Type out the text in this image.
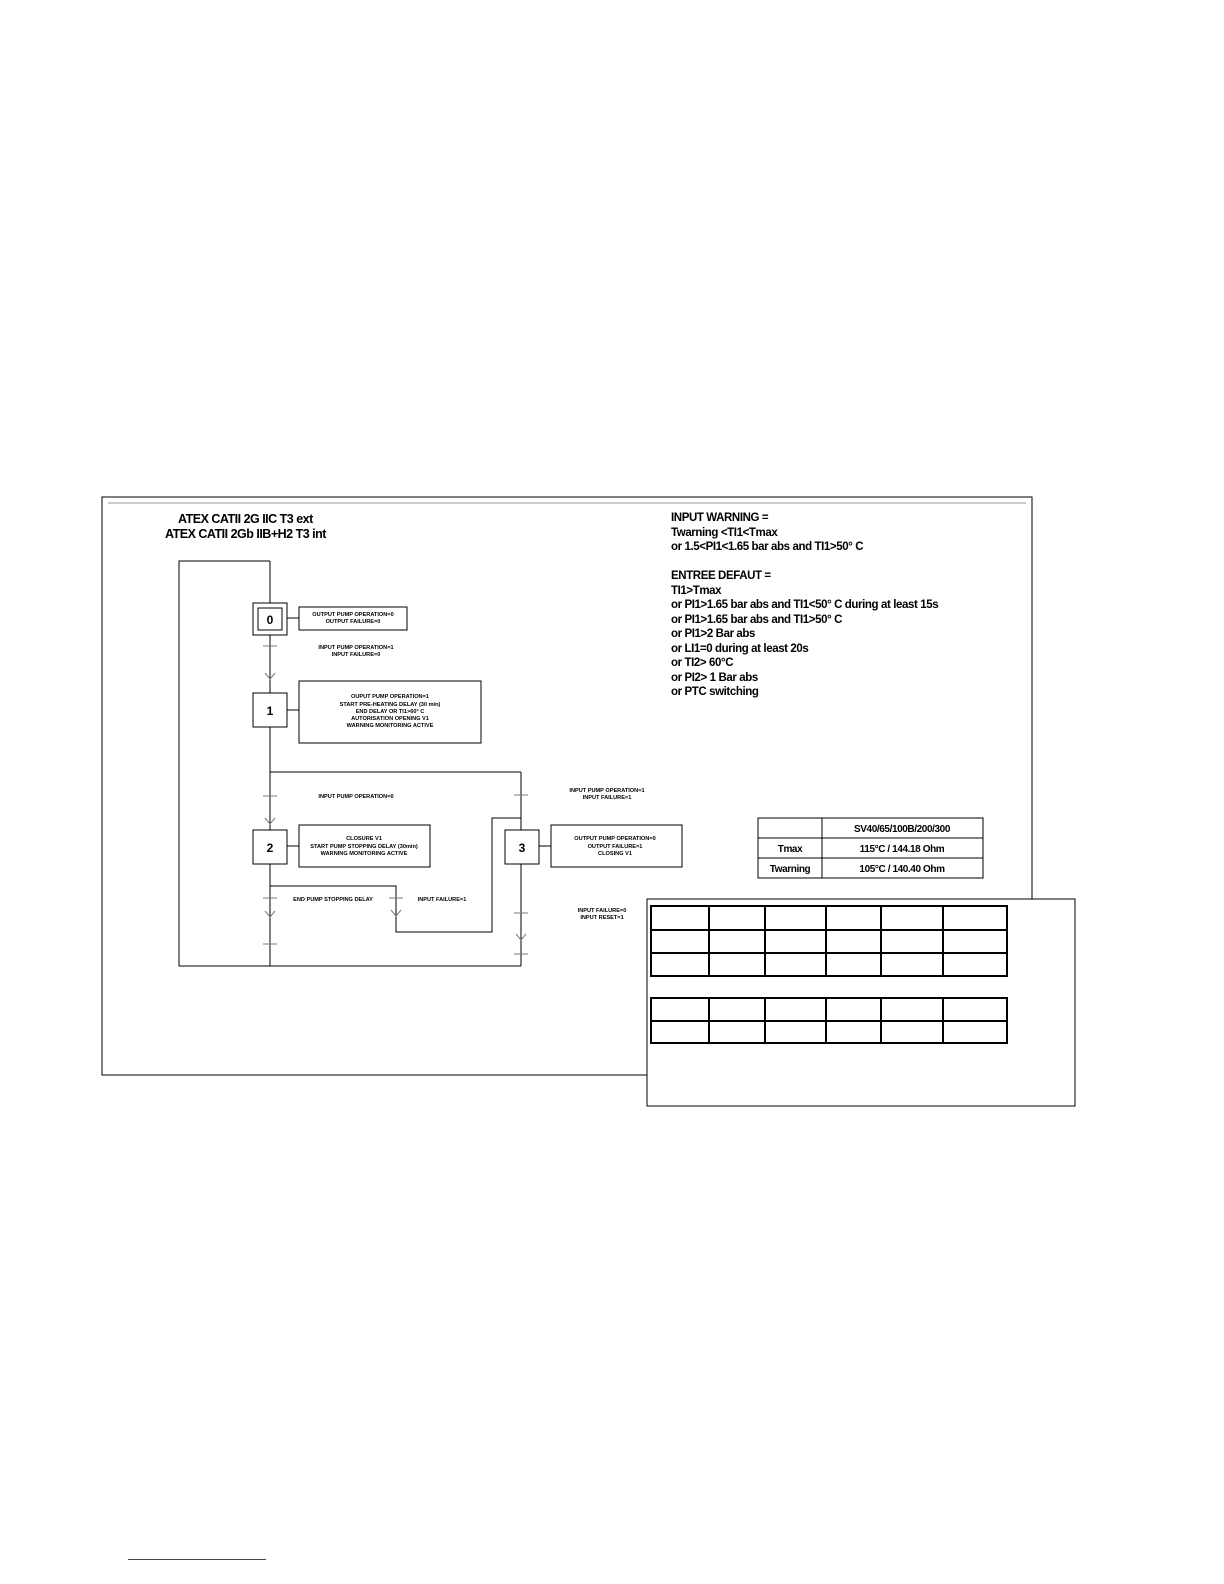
ATEX CATII 2G IIC T3 ext
ATEX CATII 2Gb IIB+H2 T3 int
0	OUTPUT PUMP OPERATION=0
OUTPUT FAILURE=0
1
OUPUT PUMP OPERATION=1
START PRE-HEATING DELAY (30 min)
END DELAY OR TI1>60° C
AUTORISATION OPENING V1
WARNING MONITORING ACTIVE
2
CLOSURE V1
START PUMP STOPPING DELAY (30min)
WARNING MONITORING ACTIVE	3
OUTPUT PUMP OPERATION=0
OUTPUT FAILURE=1
CLOSING V1
INPUT PUMP OPERATION=1
INPUT FAILURE=0
INPUT PUMP OPERATION=0
INPUT PUMP OPERATION=1
INPUT FAILURE=1
END PUMP STOPPING DELAY	INPUT FAILURE=1
INPUT FAILURE=0
INPUT RESET=1
INPUT WARNING =
Twarning <TI1<Tmax
or 1.5<PI1<1.65 bar abs and TI1>50° C
ENTREE DEFAUT =
TI1>Tmax
or PI1>1.65 bar abs and TI1<50° C during at least 15s
or PI1>1.65 bar abs and TI1>50° C
or PI1>2 Bar abs
or LI1=0 during at least 20s
or TI2> 60°C
or PI2> 1 Bar abs
or PTC switching
SV40/65/100B/200/300
Tmax	115°C / 144.18 Ohm
Twarning	105°C / 140.40 Ohm
